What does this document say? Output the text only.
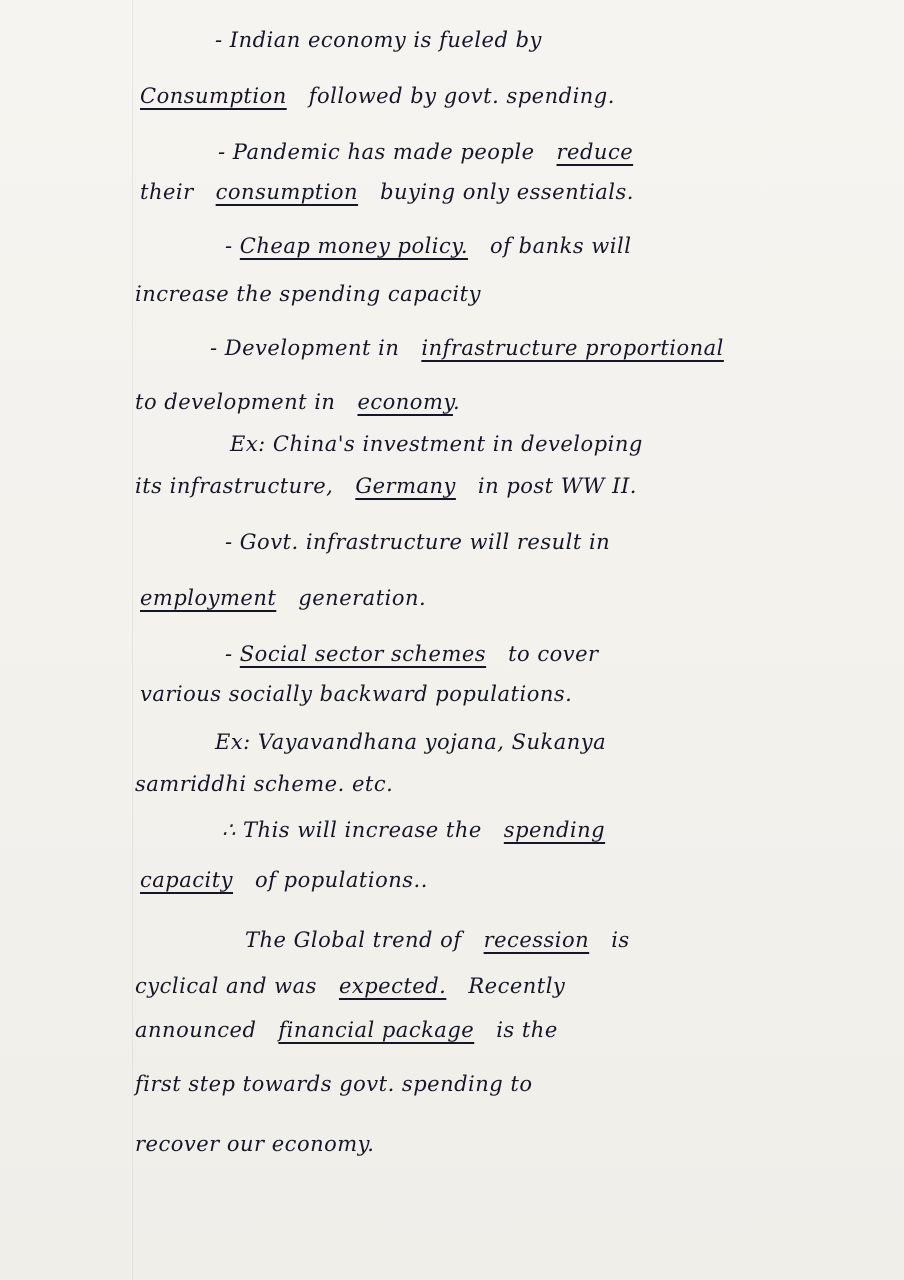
- Indian economy is fueled by
Consumption followed by govt. spending.
- Pandemic has made people reduce
their consumption buying only essentials.
- Cheap money policy. of banks will
increase the spending capacity
- Development in infrastructure proportional
to development in economy.
Ex: China's investment in developing
its infrastructure, Germany in post WW II.
- Govt. infrastructure will result in
employment generation.
- Social sector schemes to cover
various socially backward populations.
Ex: Vayavandhana yojana, Sukanya
samriddhi scheme. etc.
∴ This will increase the spending
capacity of populations..
The Global trend of recession is
cyclical and was expected. Recently
announced financial package is the
first step towards govt. spending to
recover our economy.
